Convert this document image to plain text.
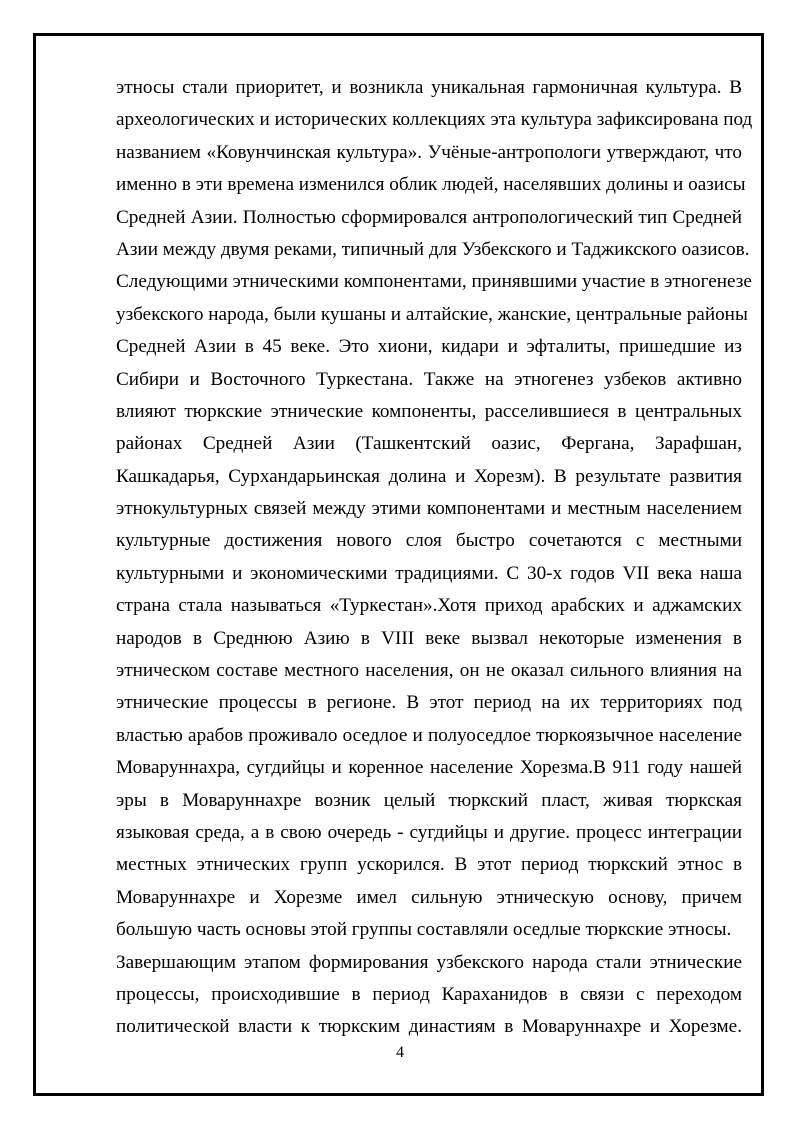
этносы стали приоритет, и возникла уникальная гармоничная культура. В
археологических и исторических коллекциях эта культура зафиксирована под
названием «Ковунчинская культура». Учёные-антропологи утверждают, что
именно в эти времена изменился облик людей, населявших долины и оазисы
Средней Азии. Полностью сформировался антропологический тип Средней
Азии между двумя реками, типичный для Узбекского и Таджикского оазисов.
Следующими этническими компонентами, принявшими участие в этногенезе
узбекского народа, были кушаны и алтайские, жанские, центральные районы
Средней Азии в 45 веке. Это хиони, кидари и эфталиты, пришедшие из
Сибири и Восточного Туркестана. Также на этногенез узбеков активно
влияют тюркские этнические компоненты, расселившиеся в центральных
районах Средней Азии (Ташкентский оазис, Фергана, Зарафшан,
Кашкадарья, Сурхандарьинская долина и Хорезм). В результате развития
этнокультурных связей между этими компонентами и местным населением
культурные достижения нового слоя быстро сочетаются с местными
культурными и экономическими традициями. С 30-х годов VII века наша
страна стала называться «Туркестан».Хотя приход арабских и аджамских
народов в Среднюю Азию в VIII веке вызвал некоторые изменения в
этническом составе местного населения, он не оказал сильного влияния на
этнические процессы в регионе. В этот период на их территориях под
властью арабов проживало оседлое и полуоседлое тюркоязычное население
Моваруннахра, сугдийцы и коренное население Хорезма.В 911 году нашей
эры в Моваруннахре возник целый тюркский пласт, живая тюркская
языковая среда, а в свою очередь - сугдийцы и другие. процесс интеграции
местных этнических групп ускорился. В этот период тюркский этнос в
Моваруннахре и Хорезме имел сильную этническую основу, причем
большую часть основы этой группы составляли оседлые тюркские этносы.
Завершающим этапом формирования узбекского народа стали этнические
процессы, происходившие в период Караханидов в связи с переходом
политической власти к тюркским династиям в Моваруннахре и Хорезме.
4
